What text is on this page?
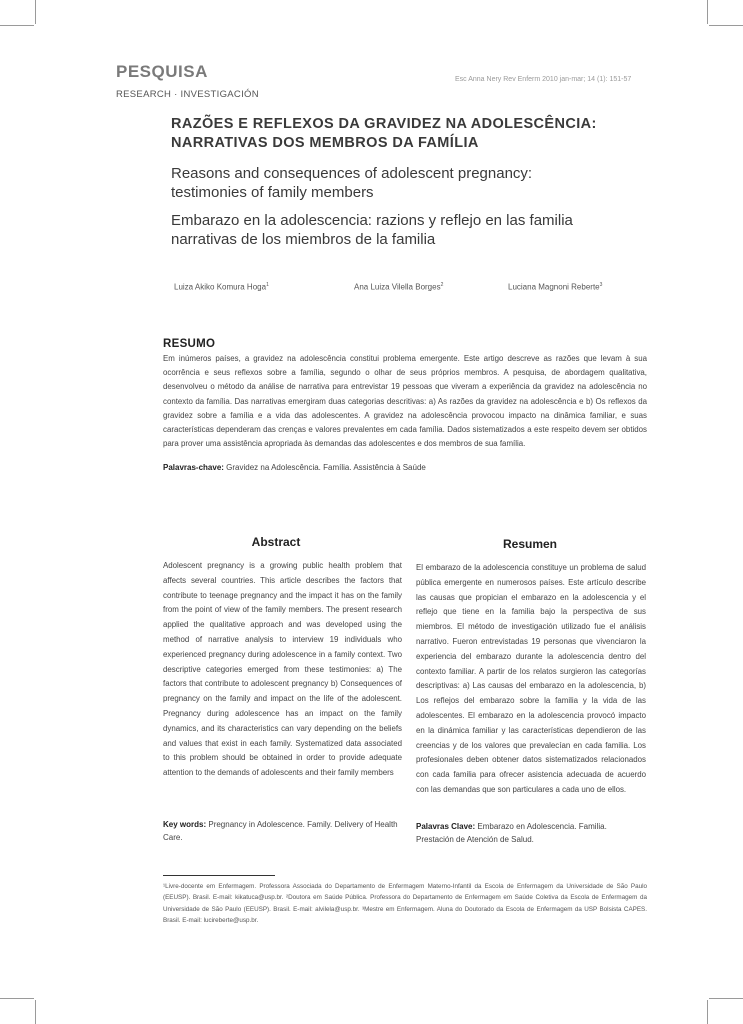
PESQUISA
RESEARCH · INVESTIGACIÓN
Esc Anna Nery Rev Enferm 2010 jan-mar; 14 (1): 151-57
RAZÕES E REFLEXOS DA GRAVIDEZ NA ADOLESCÊNCIA:
NARRATIVAS DOS MEMBROS DA FAMÍLIA
Reasons and consequences of adolescent pregnancy:
testimonies of family members
Embarazo en la adolescencia: razions y reflejo en las familia
narrativas de los miembros de la familia
Luiza Akiko Komura Hoga$^1$	Ana Luiza Vilella Borges$^2$	Luciana Magnoni Reberte$^3$
RESUMO
Em inúmeros países, a gravidez na adolescência constitui problema emergente. Este artigo descreve as razões que levam à sua ocorrência e seus reflexos sobre a família, segundo o olhar de seus próprios membros. A pesquisa, de abordagem qualitativa, desenvolveu o método da análise de narrativa para entrevistar 19 pessoas que viveram a experiência da gravidez na adolescência no contexto da família. Das narrativas emergiram duas categorias descritivas: a) As razões da gravidez na adolescência e b) Os reflexos da gravidez sobre a família e a vida das adolescentes. A gravidez na adolescência provocou impacto na dinâmica familiar, e suas características dependeram das crenças e valores prevalentes em cada família. Dados sistematizados a este respeito devem ser obtidos para prover uma assistência apropriada às demandas das adolescentes e dos membros de sua família.
Palavras-chave: Gravidez na Adolescência. Família. Assistência à Saúde
Abstract
Adolescent pregnancy is a growing public health problem that affects several countries. This article describes the factors that contribute to teenage pregnancy and the impact it has on the family from the point of view of the family members. The present research applied the qualitative approach and was developed using the method of narrative analysis to interview 19 individuals who experienced pregnancy during adolescence in a family context. Two descriptive categories emerged from these testimonies: a) The factors that contribute to adolescent pregnancy b) Consequences of pregnancy on the family and impact on the life of the adolescent. Pregnancy during adolescence has an impact on the family dynamics, and its characteristics can vary depending on the beliefs and values that exist in each family. Systematized data associated to this problem should be obtained in order to provide adequate attention to the demands of adolescents and their family members
Key words: Pregnancy in Adolescence. Family. Delivery of Health Care.
Resumen
El embarazo de la adolescencia constituye un problema de salud pública emergente en numerosos países. Este artículo describe las causas que propician el embarazo en la adolescencia y el reflejo que tiene en la familia bajo la perspectiva de sus miembros. El método de investigación utilizado fue el análisis narrativo. Fueron entrevistadas 19 personas que vivenciaron la experiencia del embarazo durante la adolescencia dentro del contexto familiar. A partir de los relatos surgieron las categorías descriptivas: a) Las causas del embarazo en la adolescencia, b) Los reflejos del embarazo sobre la familia y la vida de las adolescentes. El embarazo en la adolescencia provocó impacto en la dinámica familiar y las características dependieron de las creencias y de los valores que prevalecían en cada familia. Los profesionales deben obtener datos sistematizados relacionados con cada familia para ofrecer asistencia adecuada de acuerdo con las demandas que son particulares a cada uno de ellos.
Palavras Clave: Embarazo en Adolescencia. Familia. Prestación de Atención de Salud.
¹Livre-docente em Enfermagem. Professora Associada do Departamento de Enfermagem Materno-Infantil da Escola de Enfermagem da Universidade de São Paulo (EEUSP). Brasil. E-mail: kikatuca@usp.br. ²Doutora em Saúde Pública. Professora do Departamento de Enfermagem em Saúde Coletiva da Escola de Enfermagem da Universidade de São Paulo (EEUSP). Brasil. E-mail: alvilela@usp.br. ³Mestre em Enfermagem. Aluna do Doutorado da Escola de Enfermagem da USP Bolsista CAPES. Brasil. E-mail: lucireberte@usp.br.
